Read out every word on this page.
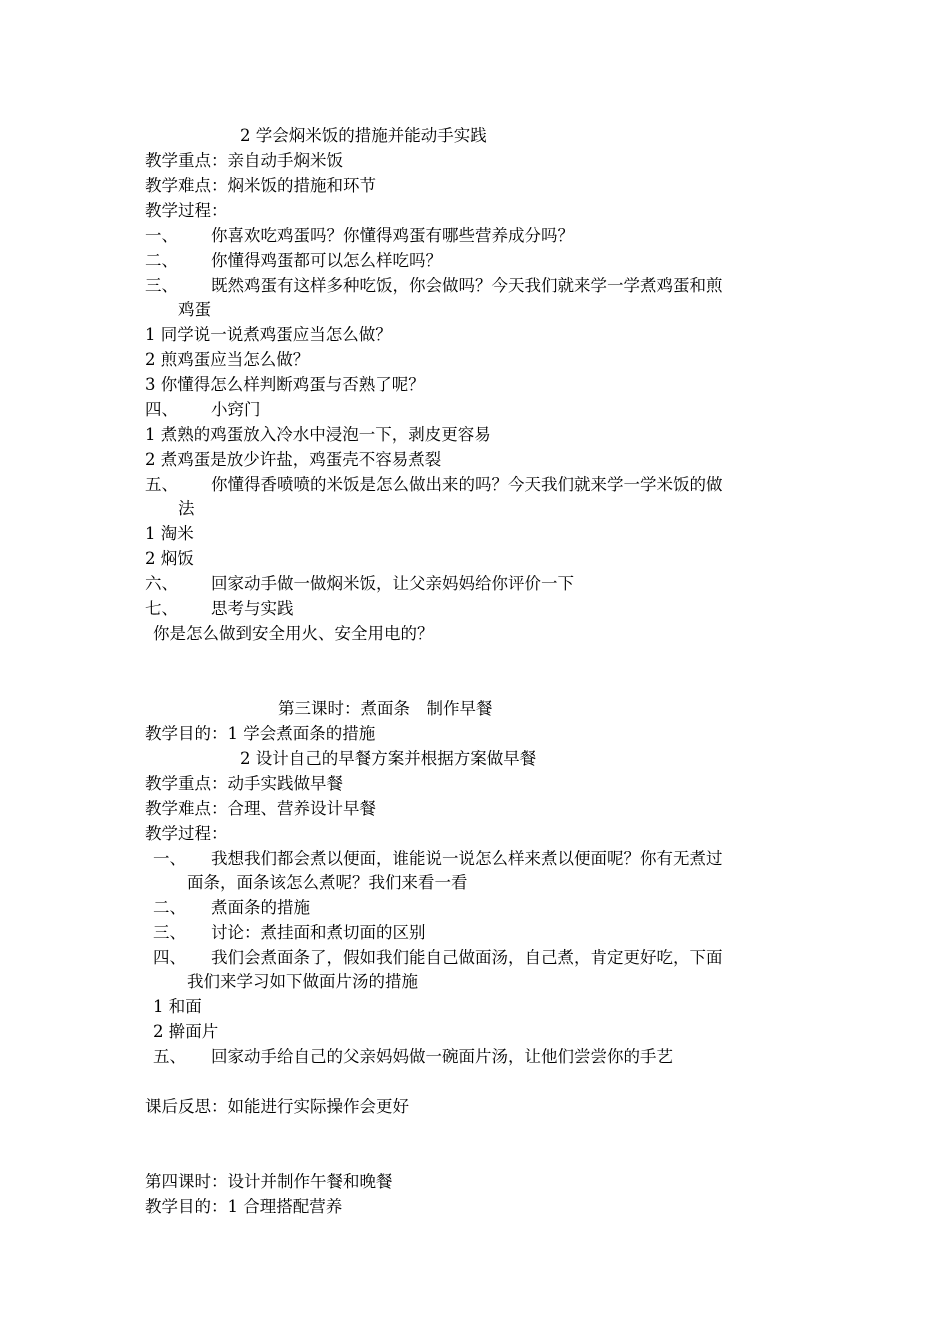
2 学会焖米饭的措施并能动手实践
教学重点：亲自动手焖米饭
教学难点：焖米饭的措施和环节
教学过程：
一、 你喜欢吃鸡蛋吗？你懂得鸡蛋有哪些营养成分吗？
二、 你懂得鸡蛋都可以怎么样吃吗？
三、 既然鸡蛋有这样多种吃饭，你会做吗？今天我们就来学一学煮鸡蛋和煎
鸡蛋
1 同学说一说煮鸡蛋应当怎么做？
2 煎鸡蛋应当怎么做？
3 你懂得怎么样判断鸡蛋与否熟了呢？
四、 小窍门
1 煮熟的鸡蛋放入冷水中浸泡一下，剥皮更容易
2 煮鸡蛋是放少许盐，鸡蛋壳不容易煮裂
五、 你懂得香喷喷的米饭是怎么做出来的吗？今天我们就来学一学米饭的做
法
1 淘米
2 焖饭
六、 回家动手做一做焖米饭，让父亲妈妈给你评价一下
七、 思考与实践
你是怎么做到安全用火、安全用电的？
第三课时：煮面条　制作早餐
教学目的：1 学会煮面条的措施
2 设计自己的早餐方案并根据方案做早餐
教学重点：动手实践做早餐
教学难点：合理、营养设计早餐
教学过程：
一、 我想我们都会煮以便面，谁能说一说怎么样来煮以便面呢？你有无煮过
面条，面条该怎么煮呢？我们来看一看
二、 煮面条的措施
三、 讨论：煮挂面和煮切面的区别
四、 我们会煮面条了，假如我们能自己做面汤，自己煮，肯定更好吃，下面
我们来学习如下做面片汤的措施
1 和面
2 擀面片
五、 回家动手给自己的父亲妈妈做一碗面片汤，让他们尝尝你的手艺
课后反思：如能进行实际操作会更好
第四课时：设计并制作午餐和晚餐
教学目的：1 合理搭配营养
